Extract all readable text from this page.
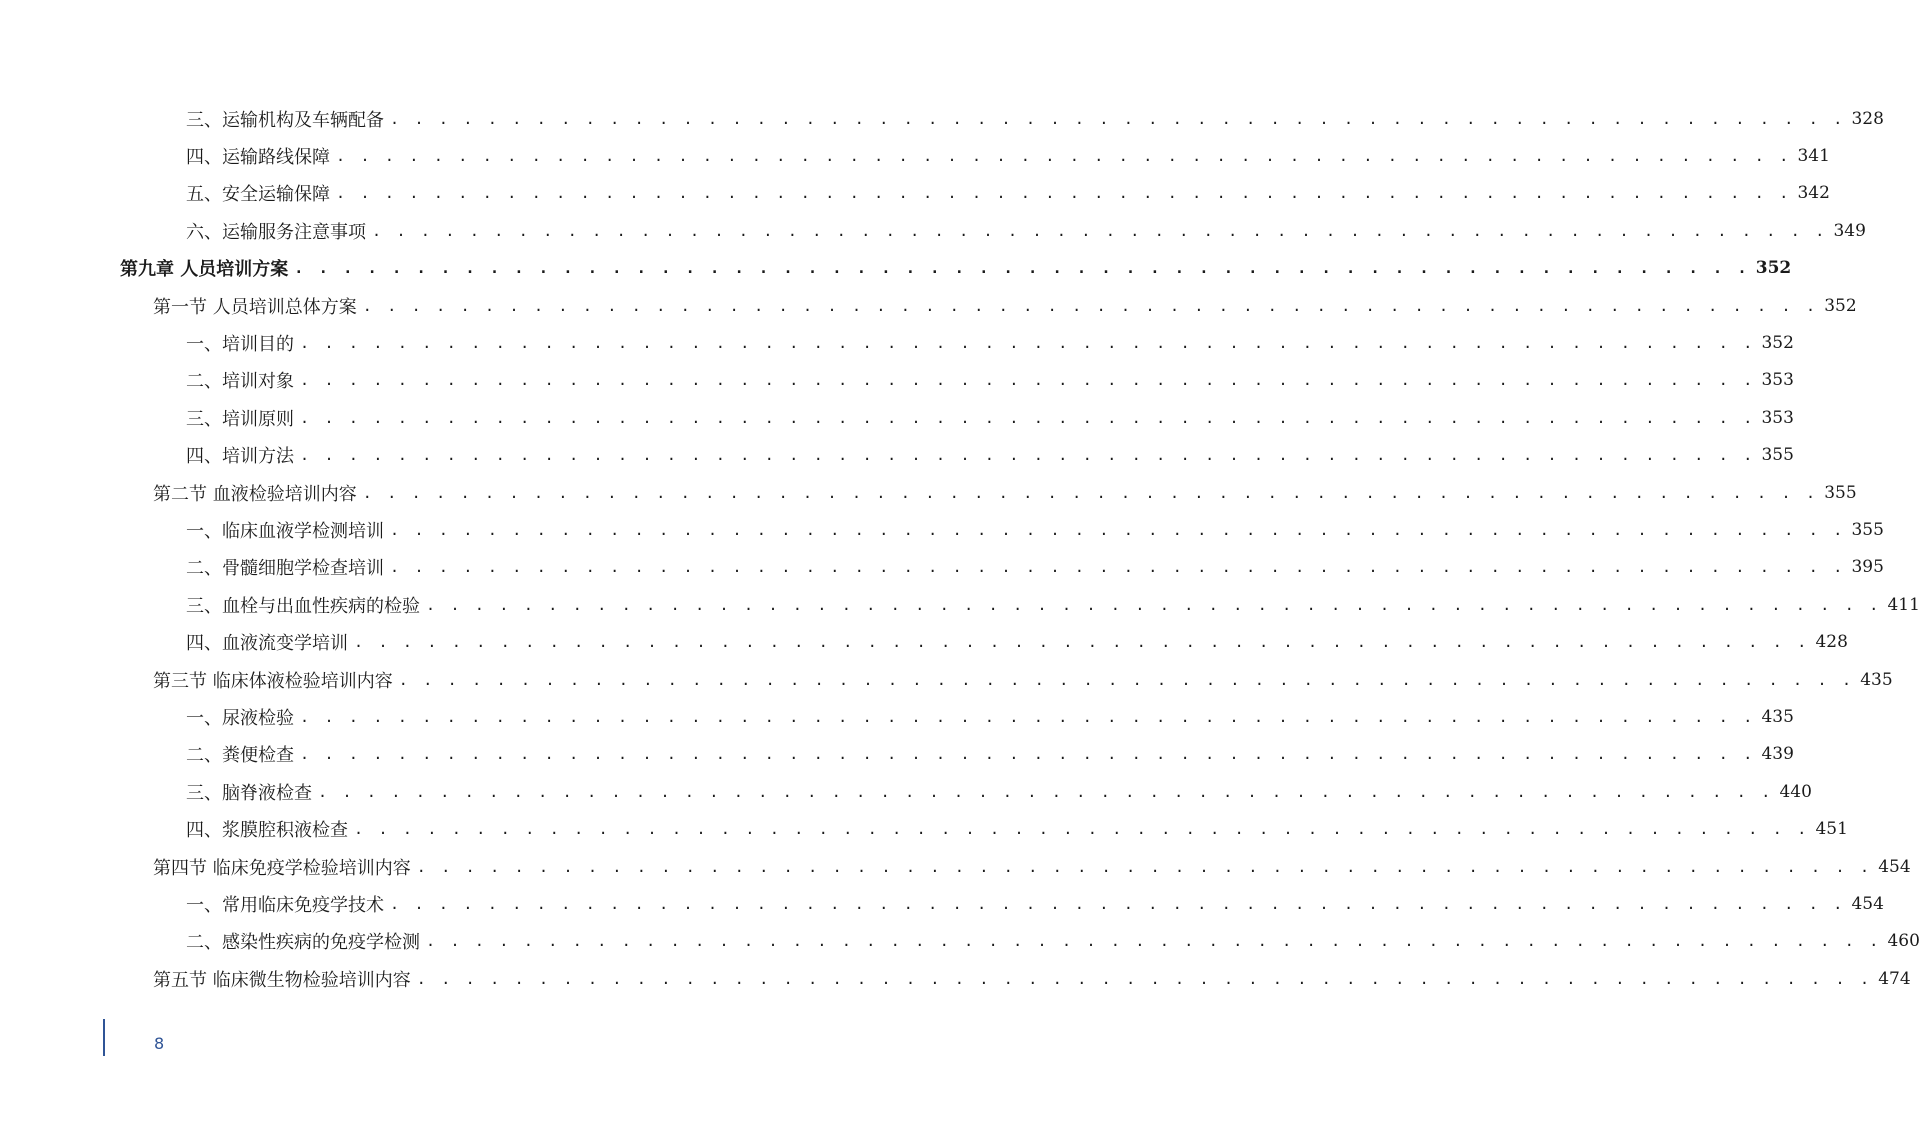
三、运输机构及车辆配备 . . . . . . . . . . . . . . . . . . . . . . . . . . . . . . . . . . . . . . . . . . . . . . . . . . . . . . . . . . . . 328
四、运输路线保障 . . . . . . . . . . . . . . . . . . . . . . . . . . . . . . . . . . . . . . . . . . . . . . . . . . . . . . . . . . . . 341
五、安全运输保障 . . . . . . . . . . . . . . . . . . . . . . . . . . . . . . . . . . . . . . . . . . . . . . . . . . . . . . . . . . . . 342
六、运输服务注意事项 . . . . . . . . . . . . . . . . . . . . . . . . . . . . . . . . . . . . . . . . . . . . . . . . . . . . . . . . . . . . 349
第九章 人员培训方案 . . . . . . . . . . . . . . . . . . . . . . . . . . . . . . . . . . . . . . . . . . . . . . . . . . . . . . . . . . . . 352
第一节 人员培训总体方案 . . . . . . . . . . . . . . . . . . . . . . . . . . . . . . . . . . . . . . . . . . . . . . . . . . . . . . . . . . . . 352
一、培训目的 . . . . . . . . . . . . . . . . . . . . . . . . . . . . . . . . . . . . . . . . . . . . . . . . . . . . . . . . . . . . 352
二、培训对象 . . . . . . . . . . . . . . . . . . . . . . . . . . . . . . . . . . . . . . . . . . . . . . . . . . . . . . . . . . . . 353
三、培训原则 . . . . . . . . . . . . . . . . . . . . . . . . . . . . . . . . . . . . . . . . . . . . . . . . . . . . . . . . . . . . 353
四、培训方法 . . . . . . . . . . . . . . . . . . . . . . . . . . . . . . . . . . . . . . . . . . . . . . . . . . . . . . . . . . . . 355
第二节 血液检验培训内容 . . . . . . . . . . . . . . . . . . . . . . . . . . . . . . . . . . . . . . . . . . . . . . . . . . . . . . . . . . . . 355
一、临床血液学检测培训 . . . . . . . . . . . . . . . . . . . . . . . . . . . . . . . . . . . . . . . . . . . . . . . . . . . . . . . . . . . . 355
二、骨髓细胞学检查培训 . . . . . . . . . . . . . . . . . . . . . . . . . . . . . . . . . . . . . . . . . . . . . . . . . . . . . . . . . . . . 395
三、血栓与出血性疾病的检验 . . . . . . . . . . . . . . . . . . . . . . . . . . . . . . . . . . . . . . . . . . . . . . . . . . . . . . . . . . . . 411
四、血液流变学培训 . . . . . . . . . . . . . . . . . . . . . . . . . . . . . . . . . . . . . . . . . . . . . . . . . . . . . . . . . . . . 428
第三节 临床体液检验培训内容 . . . . . . . . . . . . . . . . . . . . . . . . . . . . . . . . . . . . . . . . . . . . . . . . . . . . . . . . . . . . 435
一、尿液检验 . . . . . . . . . . . . . . . . . . . . . . . . . . . . . . . . . . . . . . . . . . . . . . . . . . . . . . . . . . . . 435
二、粪便检查 . . . . . . . . . . . . . . . . . . . . . . . . . . . . . . . . . . . . . . . . . . . . . . . . . . . . . . . . . . . . 439
三、脑脊液检查 . . . . . . . . . . . . . . . . . . . . . . . . . . . . . . . . . . . . . . . . . . . . . . . . . . . . . . . . . . . . 440
四、浆膜腔积液检查 . . . . . . . . . . . . . . . . . . . . . . . . . . . . . . . . . . . . . . . . . . . . . . . . . . . . . . . . . . . . 451
第四节 临床免疫学检验培训内容 . . . . . . . . . . . . . . . . . . . . . . . . . . . . . . . . . . . . . . . . . . . . . . . . . . . . . . . . . . . . 454
一、常用临床免疫学技术 . . . . . . . . . . . . . . . . . . . . . . . . . . . . . . . . . . . . . . . . . . . . . . . . . . . . . . . . . . . . 454
二、感染性疾病的免疫学检测 . . . . . . . . . . . . . . . . . . . . . . . . . . . . . . . . . . . . . . . . . . . . . . . . . . . . . . . . . . . . 460
第五节 临床微生物检验培训内容 . . . . . . . . . . . . . . . . . . . . . . . . . . . . . . . . . . . . . . . . . . . . . . . . . . . . . . . . . . . . 474
8
